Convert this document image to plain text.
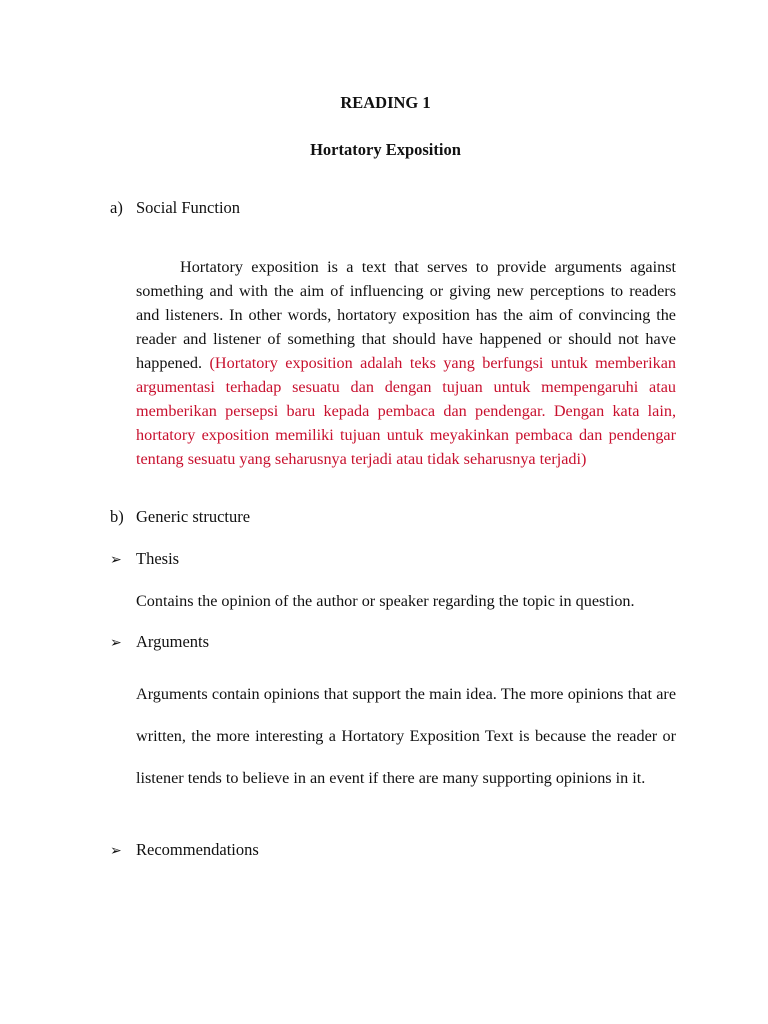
READING 1

Hortatory Exposition

a) Social Function

Hortatory exposition is a text that serves to provide arguments against something and with the aim of influencing or giving new perceptions to readers and listeners. In other words, hortatory exposition has the aim of convincing the reader and listener of something that should have happened or should not have happened. (Hortatory exposition adalah teks yang berfungsi untuk memberikan argumentasi terhadap sesuatu dan dengan tujuan untuk mempengaruhi atau memberikan persepsi baru kepada pembaca dan pendengar. Dengan kata lain, hortatory exposition memiliki tujuan untuk meyakinkan pembaca dan pendengar tentang sesuatu yang seharusnya terjadi atau tidak seharusnya terjadi)

b) Generic structure
➢ Thesis

Contains the opinion of the author or speaker regarding the topic in question.

➢ Arguments

Arguments contain opinions that support the main idea. The more opinions that are written, the more interesting a Hortatory Exposition Text is because the reader or listener tends to believe in an event if there are many supporting opinions in it.

➢ Recommendations
